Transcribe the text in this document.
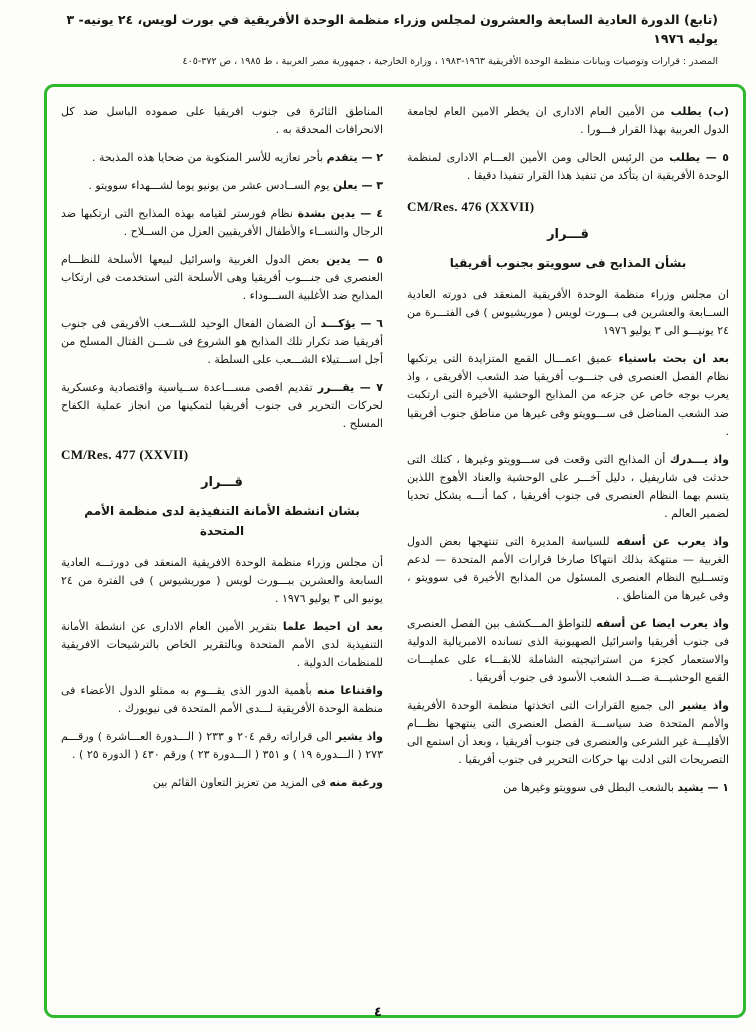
(تابع) الدورة العادية السابعة والعشرون لمجلس وزراء منظمة الوحدة الأفريقية في بورت لويس، ٢٤ يونيه- ٣ يوليه ١٩٧٦
المصدر : قرارات وتوصيات وبيانات منظمة الوحدة الأفريقية ١٩٦٣-١٩٨٣ ، وزارة الخارجية ، جمهورية مصر العربية ، ط ١٩٨٥ ، ص ٣٧٢-٤٠٥

(ب) يطلب من الأمين العام الادارى ان يخطر الامين العام لجامعة الدول العربية بهذا القرار فـــورا .

٥ — يطلب من الرئيس الحالى ومن الأمين العـــام الادارى لمنظمة الوحدة الأفريقية ان يتأكد من تنفيذ هذا القرار تنفيذا دقيقا .

CM/Res. 476 (XXVII)
قـــرار
بشأن المذابح فى سوويتو بجنوب أفريقيا

ان مجلس وزراء منظمة الوحدة الأفريقية المنعقد فى دورته العادية الســابعة والعشرين فى بـــورت لويس ( موريشيوس ) فى الفتـــرة من ٢٤ يونيـــو الى ٣ يوليو ١٩٧٦

بعد ان بحث باستياء عميق اعمـــال القمع المتزايدة التى يرتكبها نظام الفصل العنصرى فى جنـــوب أفريقيا ضد الشعب الأفريقى ، واذ يعرب بوجه خاص عن جزعه من المذابح الوحشية الأخيرة التى ارتكبت ضد الشعب المناضل فى ســـوويتو وفى غيرها من مناطق جنوب أفريقيا .

واذ يـــدرك أن المذابح التى وقعت فى ســـوويتو وغيرها ، كتلك التى حدثت فى شاريفيل ، دليل آخـــر على الوحشية والعناد الأهوج اللذين يتسم بهما النظام العنصرى فى جنوب أفريقيا ، كما أنـــه يشكل تحديا لضمير العالم .

واذ يعرب عن أسفه للسياسة المديرة التى تنتهجها بعض الدول الغربية — منتهكة بذلك انتهاكا صارخا قرارات الأمم المتحدة — لدعم وتســليح النظام العنصرى المسئول من المذابح الأخيرة فى سوويتو ، وفى غيرها من المناطق .

واذ يعرب ايضا عن أسفه للتواطؤ المـــكشف بين الفصل العنصرى فى جنوب أفريقيا واسرائيل الصهيونية الذى تسانده الامبريالية الدولية والاستعمار كجزء من استراتيجيته الشاملة للابقـــاء على عمليـــات القمع الوحشيـــة ضـــد الشعب الأسود فى جنوب أفريقيا .

واذ يشير الى جميع القرارات التى اتخذتها منظمة الوحدة الأفريقية والأمم المتحدة ضد سياســـة الفصل العنصرى التى ينتهجها نظـــام الأقليـــة غير الشرعى والعنصرى فى جنوب أفريقيا ، وبعد أن استمع الى التصريحات التى ادلت بها حركات التحرير فى جنوب أفريقيا .

١ — يشيد بالشعب البطل فى سوويتو وغيرها من

المناطق الثائرة فى جنوب افريقيا على صموده الباسل ضد كل الانحرافات المحدقة به .

٢ — يتقدم بأحر تعازيه للأسر المنكوبة من ضحايا هذه المذبحة .

٣ — يعلن يوم الســادس عشر من يونيو يوما لشـــهداء سوويتو .

٤ — يدين بشدة نظام فورستر لقيامه بهذه المذابح التى ارتكبها ضد الرجال والنســاء والأطفال الأفريقيين العزل من الســلاح .

٥ — يدين بعض الدول الغربية واسرائيل لبيعها الأسلحة للنظـــام العنصرى فى جنـــوب أفريقيا وهى الأسلحة التى استخدمت فى ارتكاب المذابح ضد الأغلبية الســـوداء .

٦ — يؤكـــد أن الضمان الفعال الوحيد للشـــعب الأفريقى فى جنوب أفريقيا ضد تكرار تلك المذابح هو الشروع فى شـــن القتال المسلح من أجل اســـتيلاء الشـــعب على السلطة .

٧ — يقـــرر تقديم اقصى مســـاعدة ســياسية واقتصادية وعسكرية لحركات التحرير فى جنوب أفريقيا لتمكينها من انجاز عملية الكفاح المسلح .

CM/Res. 477 (XXVII)
قـــرار
بشان انشطة الأمانة التنفيذية لدى منظمة الأمم المتحدة

أن مجلس وزراء منظمة الوحدة الافريقية المنعقد فى دورتـــه العادية السابعة والعشرين ببـــورت لويس ( موريشيوس ) فى الفترة من ٢٤ يونيو الى ٣ يوليو ١٩٧٦ .

بعد ان احيط علما بتقرير الأمين العام الادارى عن انشطة الأمانة التنفيذية لدى الأمم المتحدة وبالتقرير الخاص بالترشيحات الافريقية للمنظمات الدولية .

واقتناعا منه بأهمية الدور الذى يقـــوم به ممثلو الدول الأعضاء فى منظمة الوحدة الأفريقية لـــدى الأمم المتحدة فى نيويورك .

واذ يشير الى قراراته رقم ٢٠٤ و ٢٣٣ ( الـــدورة العـــاشرة ) ورقـــم ٢٧٣ ( الـــدورة ١٩ ) و ٣٥١ ( الـــدورة ٢٣ ) ورقم ٤٣٠ ( الدورة ٢٥ ) .

ورغبة منه فى المزيد من تعزيز التعاون القائم بين

٤
